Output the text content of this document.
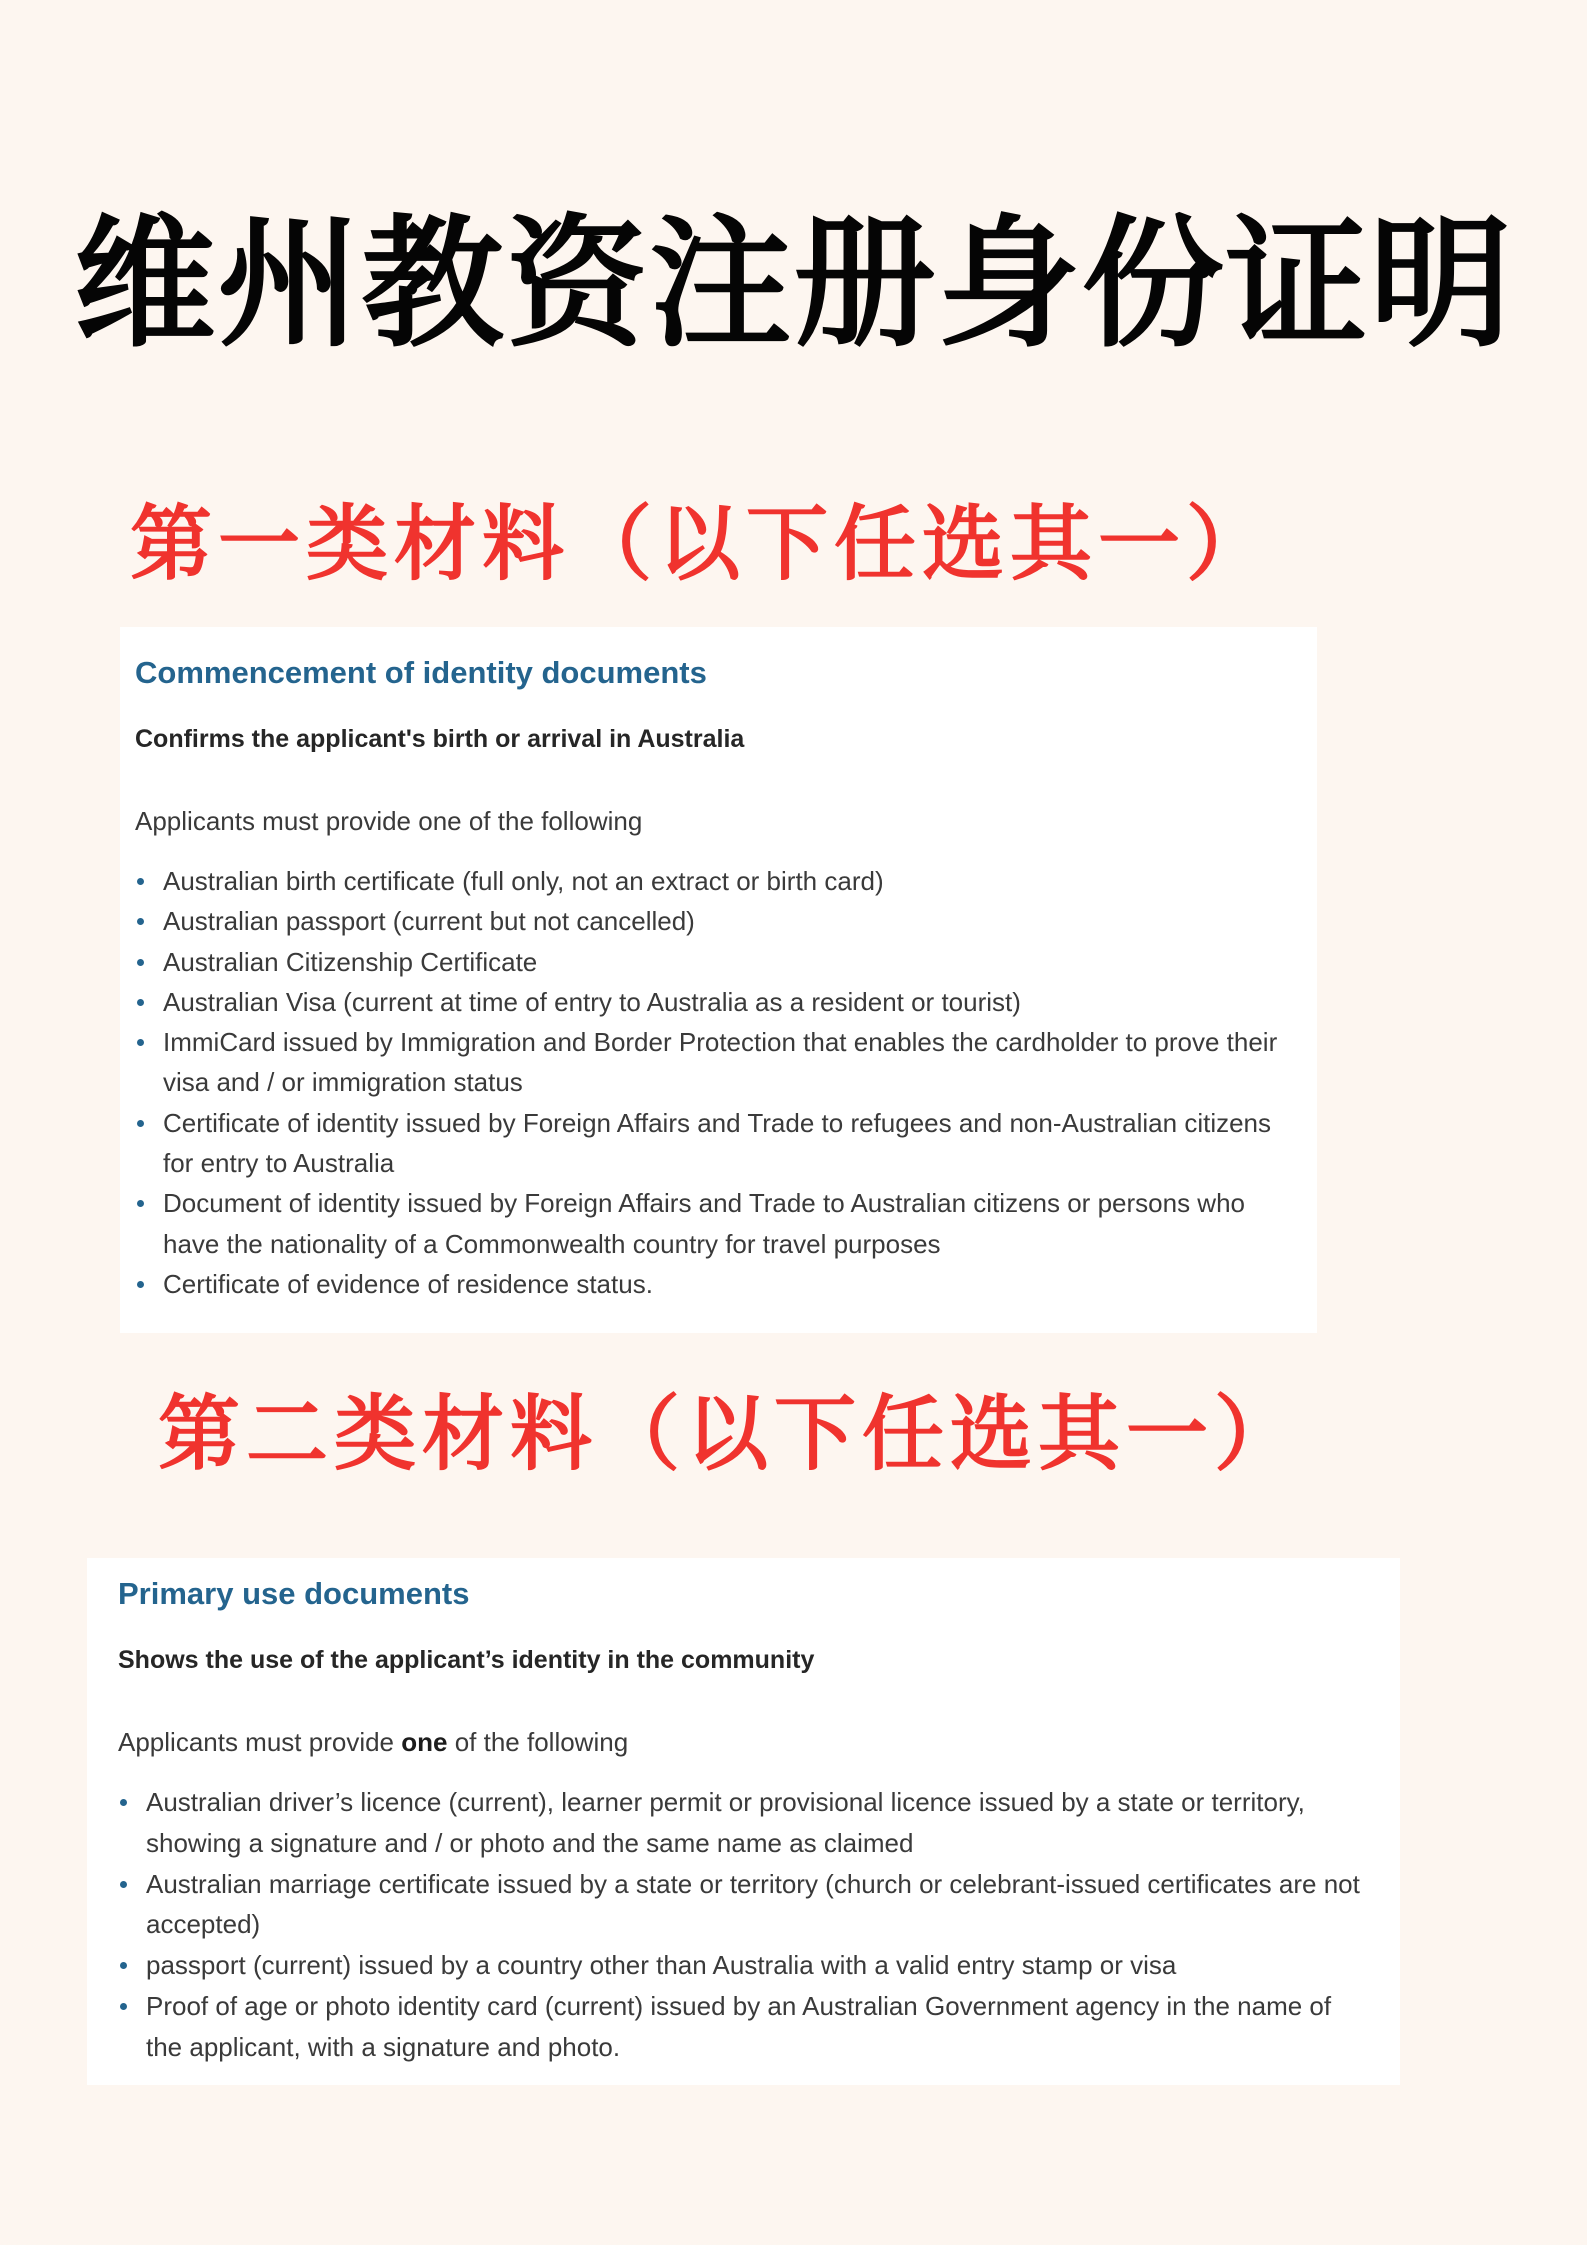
维州教资注册身份证明
第一类材料（以下任选其一）
Commencement of identity documents
Confirms the applicant's birth or arrival in Australia
Applicants must provide one of the following
Australian birth certificate (full only, not an extract or birth card)
Australian passport (current but not cancelled)
Australian Citizenship Certificate
Australian Visa (current at time of entry to Australia as a resident or tourist)
ImmiCard issued by Immigration and Border Protection that enables the cardholder to prove their visa and / or immigration status
Certificate of identity issued by Foreign Affairs and Trade to refugees and non-Australian citizens for entry to Australia
Document of identity issued by Foreign Affairs and Trade to Australian citizens or persons who have the nationality of a Commonwealth country for travel purposes
Certificate of evidence of residence status.
第二类材料（以下任选其一）
Primary use documents
Shows the use of the applicant’s identity in the community
Applicants must provide one of the following
Australian driver’s licence (current), learner permit or provisional licence issued by a state or territory, showing a signature and / or photo and the same name as claimed
Australian marriage certificate issued by a state or territory (church or celebrant-issued certificates are not accepted)
passport (current) issued by a country other than Australia with a valid entry stamp or visa
Proof of age or photo identity card (current) issued by an Australian Government agency in the name of the applicant, with a signature and photo.
